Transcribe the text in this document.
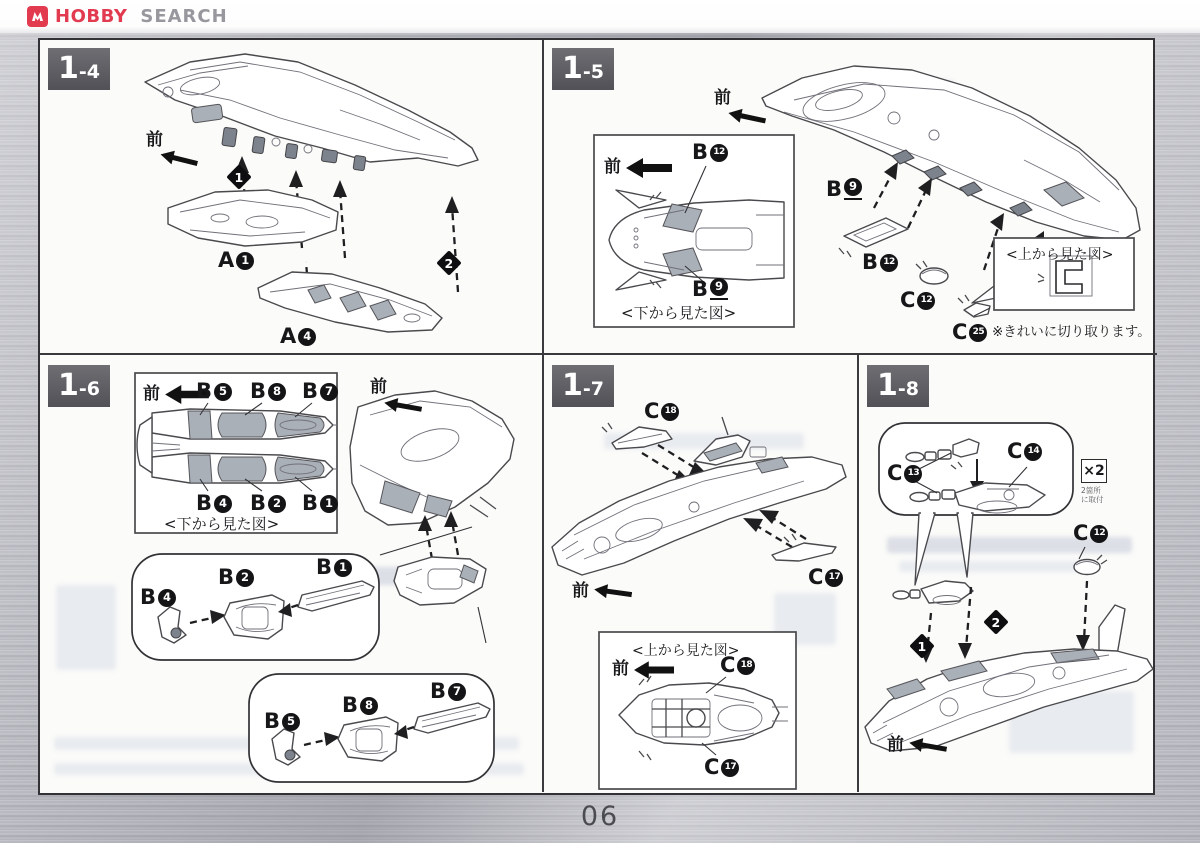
HOBBY SEARCH
1 -4
前
1
2
A 1
A 4
1 -5
前
前
B 12
B 9
<下から見た図>
B 9
B 12
C 12
C 25
<上から見た図>
※きれいに切り取ります。
1 -6	前 B 5 B 8 B 7
B 4 B 2 B 1
<下から見た図>
前
B 4
B 2	B 1
B 5
B 8
B 7
1 -7
C 18
C 17
前
<上から見た図>
前	C 18
C 17
1 -8
C 13
C 14
×2
2箇所
に取付
C 12
2
1
前
06
